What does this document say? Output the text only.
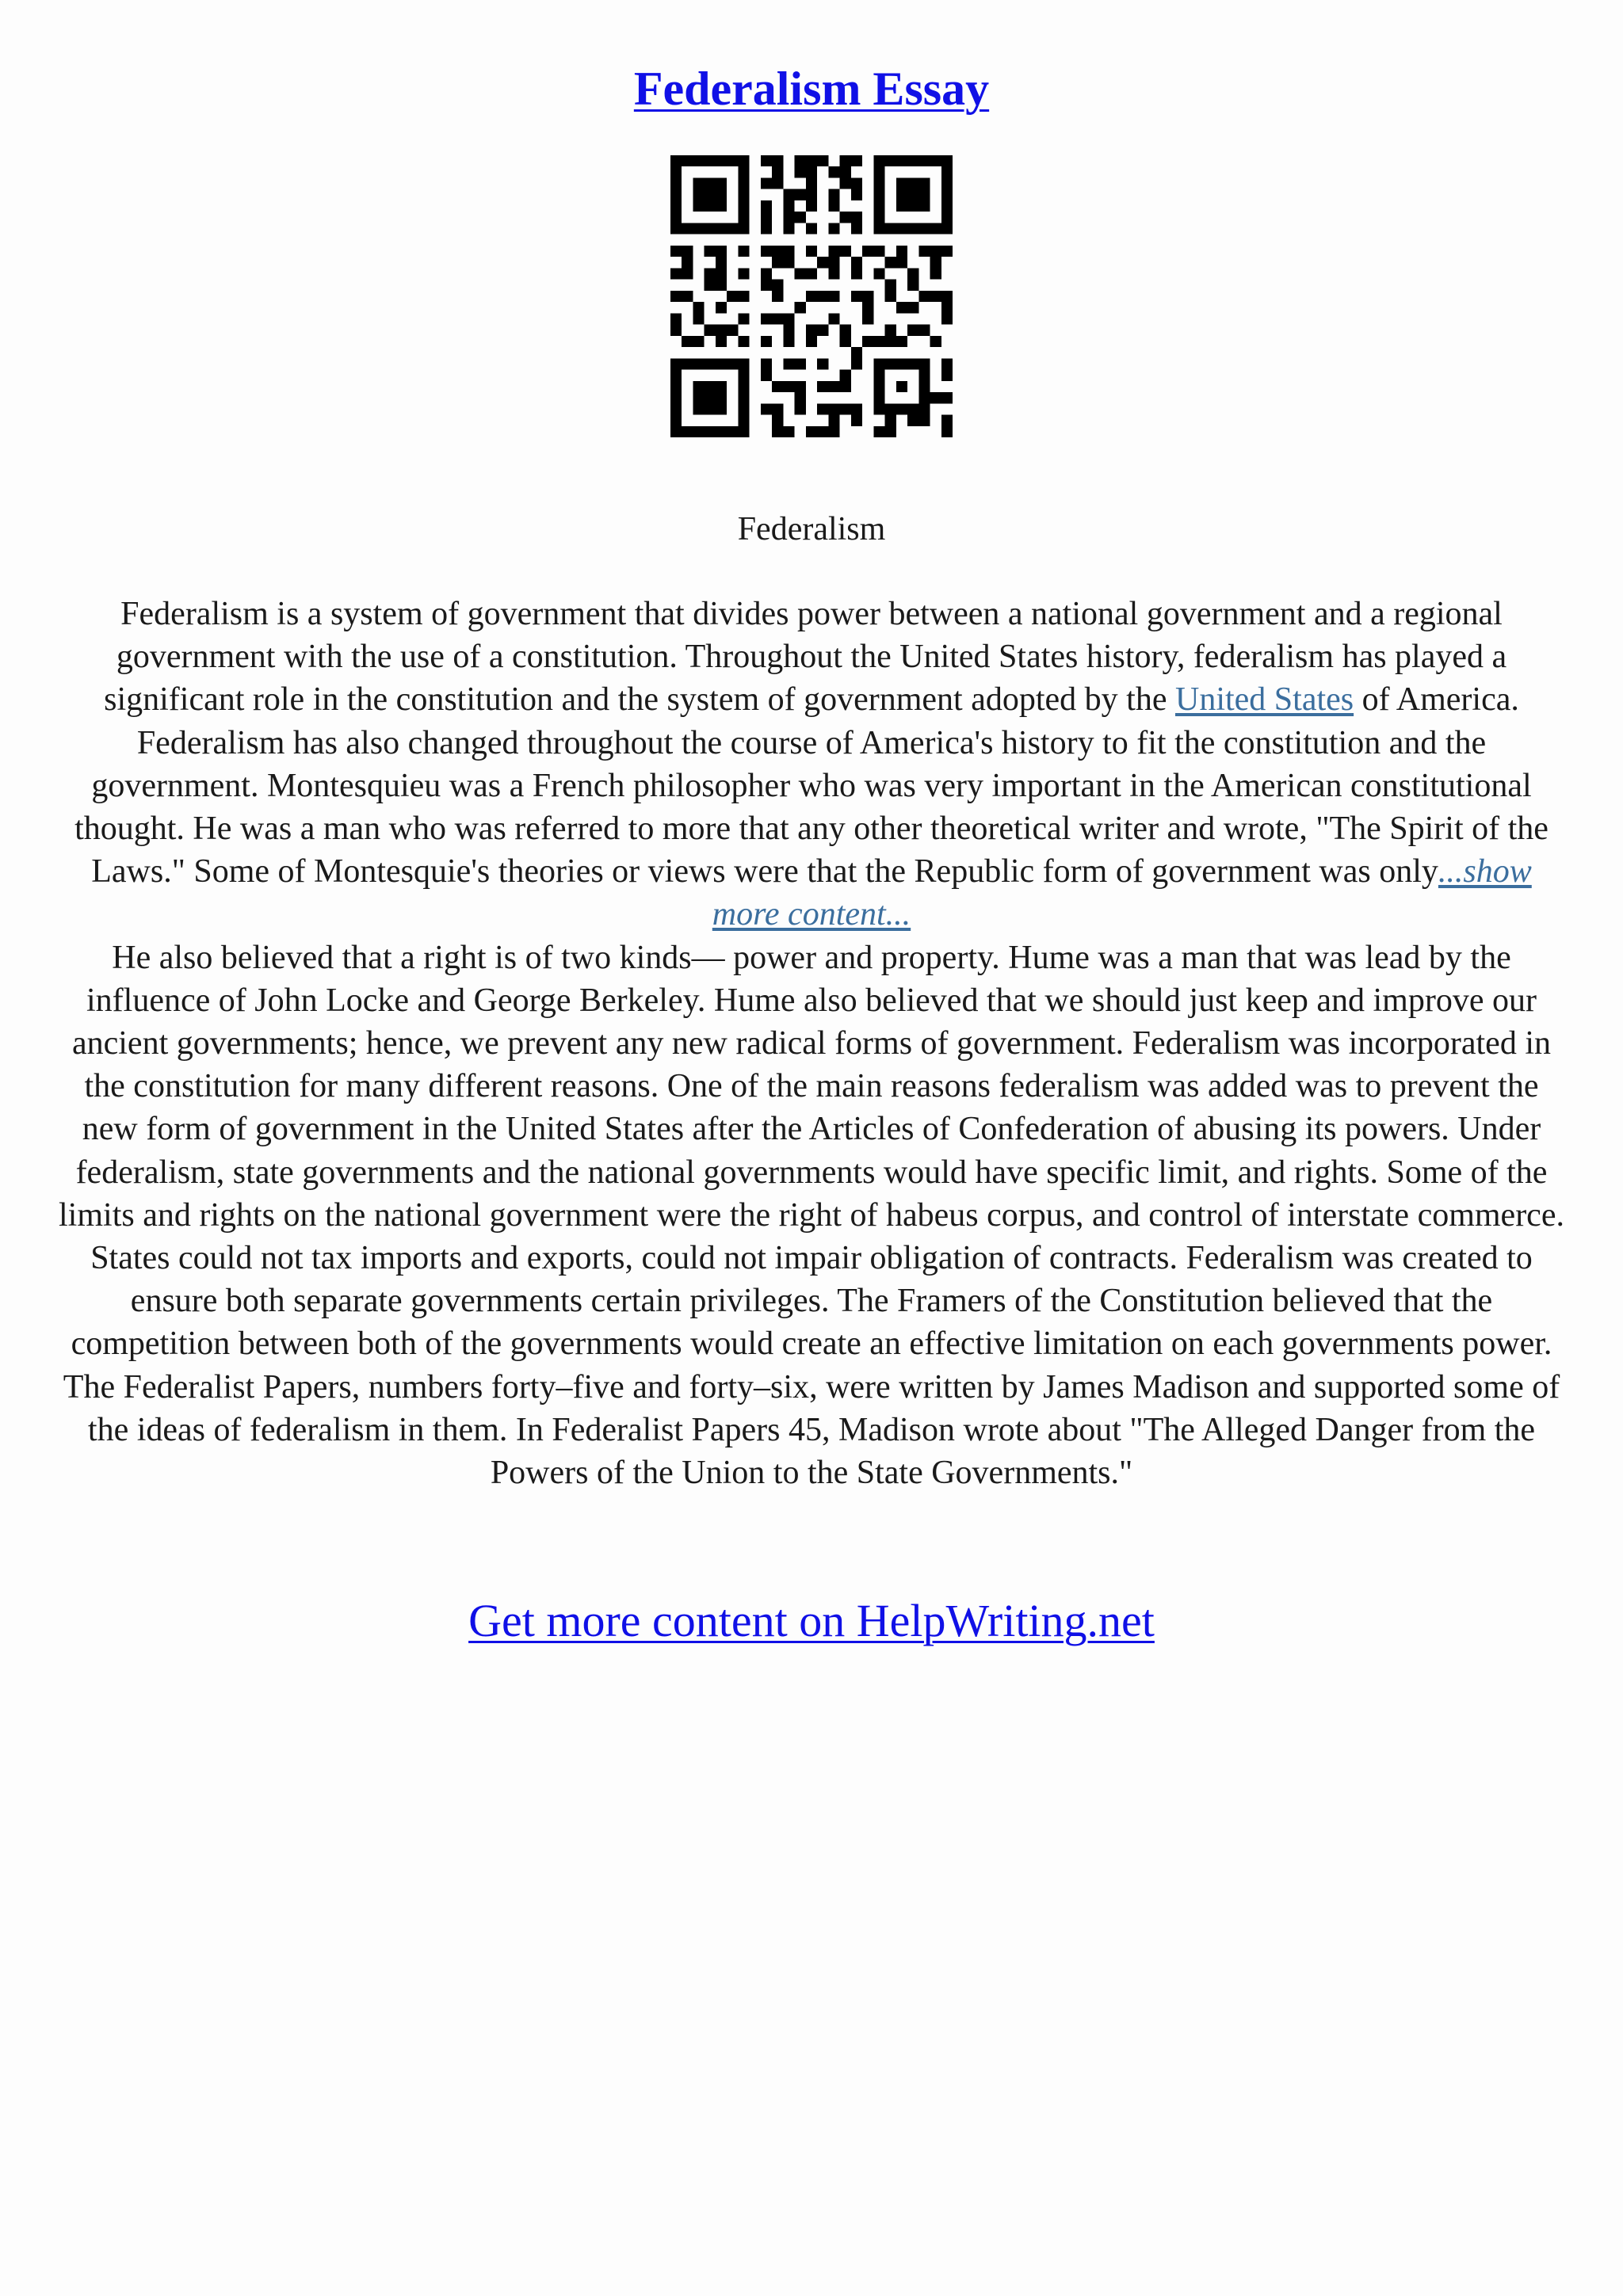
Federalism Essay
Federalism

Federalism is a system of government that divides power between a national government and a regional government with the use of a constitution. Throughout the United States history, federalism has played a significant role in the constitution and the system of government adopted by the United States of America. Federalism has also changed throughout the course of America's history to fit the constitution and the government. Montesquieu was a French philosopher who was very important in the American constitutional thought. He was a man who was referred to more that any other theoretical writer and wrote, "The Spirit of the Laws." Some of Montesquie's theories or views were that the Republic form of government was only...show more content...

He also believed that a right is of two kinds— power and property. Hume was a man that was lead by the influence of John Locke and George Berkeley. Hume also believed that we should just keep and improve our ancient governments; hence, we prevent any new radical forms of government. Federalism was incorporated in the constitution for many different reasons. One of the main reasons federalism was added was to prevent the new form of government in the United States after the Articles of Confederation of abusing its powers. Under federalism, state governments and the national governments would have specific limit, and rights. Some of the limits and rights on the national government were the right of habeus corpus, and control of interstate commerce. States could not tax imports and exports, could not impair obligation of contracts. Federalism was created to ensure both separate governments certain privileges. The Framers of the Constitution believed that the competition between both of the governments would create an effective limitation on each governments power. The Federalist Papers, numbers forty–five and forty–six, were written by James Madison and supported some of the ideas of federalism in them. In Federalist Papers 45, Madison wrote about "The Alleged Danger from the Powers of the Union to the State Governments."

Get more content on HelpWriting.net
